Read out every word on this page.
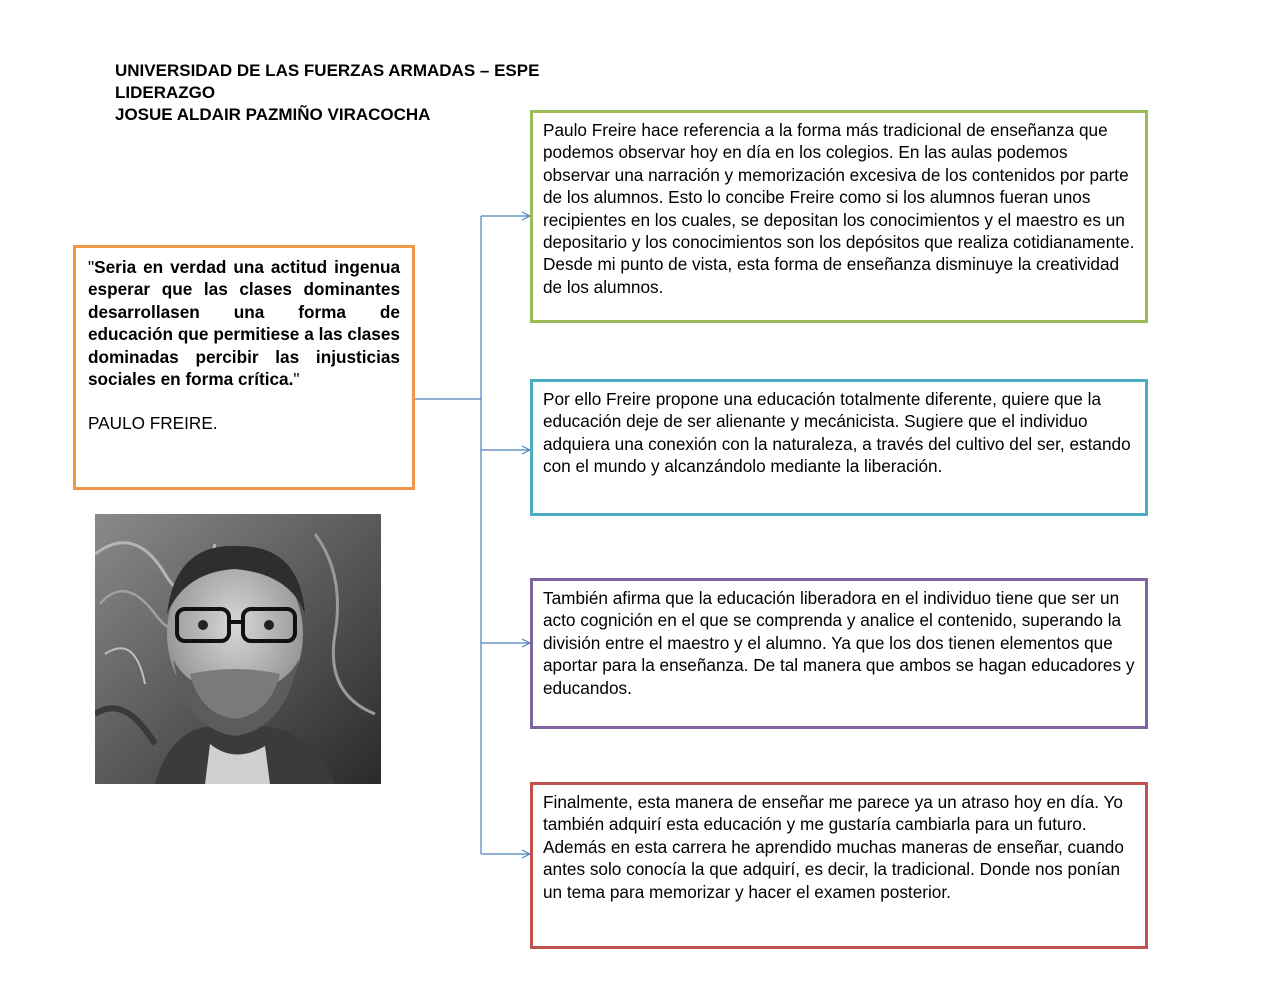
UNIVERSIDAD DE LAS FUERZAS ARMADAS – ESPE
LIDERAZGO
JOSUE ALDAIR PAZMIÑO VIRACOCHA
"Seria en verdad una actitud ingenua esperar que las clases dominantes desarrollasen una forma de educación que permitiese a las clases dominadas percibir las injusticias sociales en forma crítica."
PAULO FREIRE.
Paulo Freire hace referencia a la forma más tradicional de enseñanza que podemos observar hoy en día en los colegios. En las aulas podemos observar una narración y memorización excesiva de los contenidos por parte de los alumnos. Esto lo concibe Freire como si los alumnos fueran unos recipientes en los cuales, se depositan los conocimientos y el maestro es un depositario y los conocimientos son los depósitos que realiza cotidianamente. Desde mi punto de vista, esta forma de enseñanza disminuye la creatividad de los alumnos.
Por ello Freire propone una educación totalmente diferente, quiere que la educación deje de ser alienante y mecánicista. Sugiere que el individuo adquiera una conexión con la naturaleza, a través del cultivo del ser, estando con el mundo y alcanzándolo mediante la liberación.
También afirma que la educación liberadora en el individuo tiene que ser un acto cognición en el que se comprenda y analice el contenido, superando la división entre el maestro y el alumno. Ya que los dos tienen elementos que aportar para la enseñanza. De tal manera que ambos se hagan educadores y educandos.
Finalmente, esta manera de enseñar me parece ya un atraso hoy en día. Yo también adquirí esta educación y me gustaría cambiarla para un futuro. Además en esta carrera he aprendido muchas maneras de enseñar, cuando antes solo conocía la que adquirí, es decir, la tradicional. Donde nos ponían un tema para memorizar y hacer el examen posterior.
